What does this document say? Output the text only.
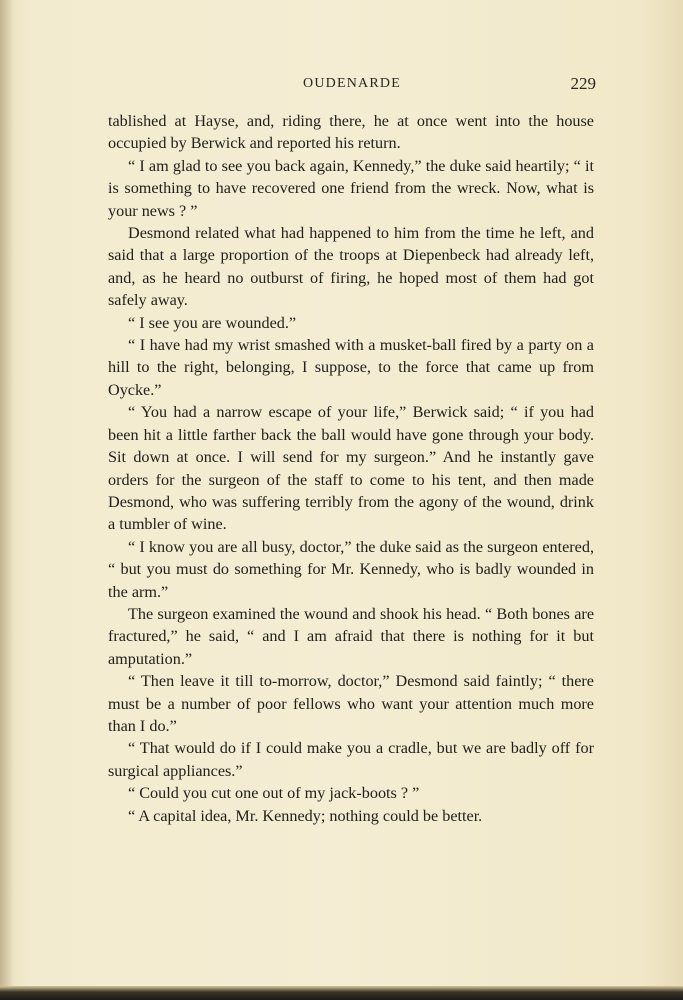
OUDENARDE	229

tablished at Hayse, and, riding there, he at once went into the house occupied by Berwick and reported his return.

“ I am glad to see you back again, Kennedy,” the duke said heartily; “ it is something to have recovered one friend from the wreck. Now, what is your news ? ”

Desmond related what had happened to him from the time he left, and said that a large proportion of the troops at Diepenbeck had already left, and, as he heard no outburst of firing, he hoped most of them had got safely away.

“ I see you are wounded.”

“ I have had my wrist smashed with a musket-ball fired by a party on a hill to the right, belonging, I suppose, to the force that came up from Oycke.”

“ You had a narrow escape of your life,” Berwick said; “ if you had been hit a little farther back the ball would have gone through your body. Sit down at once. I will send for my surgeon.” And he instantly gave orders for the surgeon of the staff to come to his tent, and then made Desmond, who was suffering terribly from the agony of the wound, drink a tumbler of wine.

“ I know you are all busy, doctor,” the duke said as the surgeon entered, “ but you must do something for Mr. Kennedy, who is badly wounded in the arm.”

The surgeon examined the wound and shook his head. “ Both bones are fractured,” he said, “ and I am afraid that there is nothing for it but amputation.”

“ Then leave it till to-morrow, doctor,” Desmond said faintly; “ there must be a number of poor fellows who want your attention much more than I do.”

“ That would do if I could make you a cradle, but we are badly off for surgical appliances.”

“ Could you cut one out of my jack-boots ? ”

“ A capital idea, Mr. Kennedy; nothing could be better.
